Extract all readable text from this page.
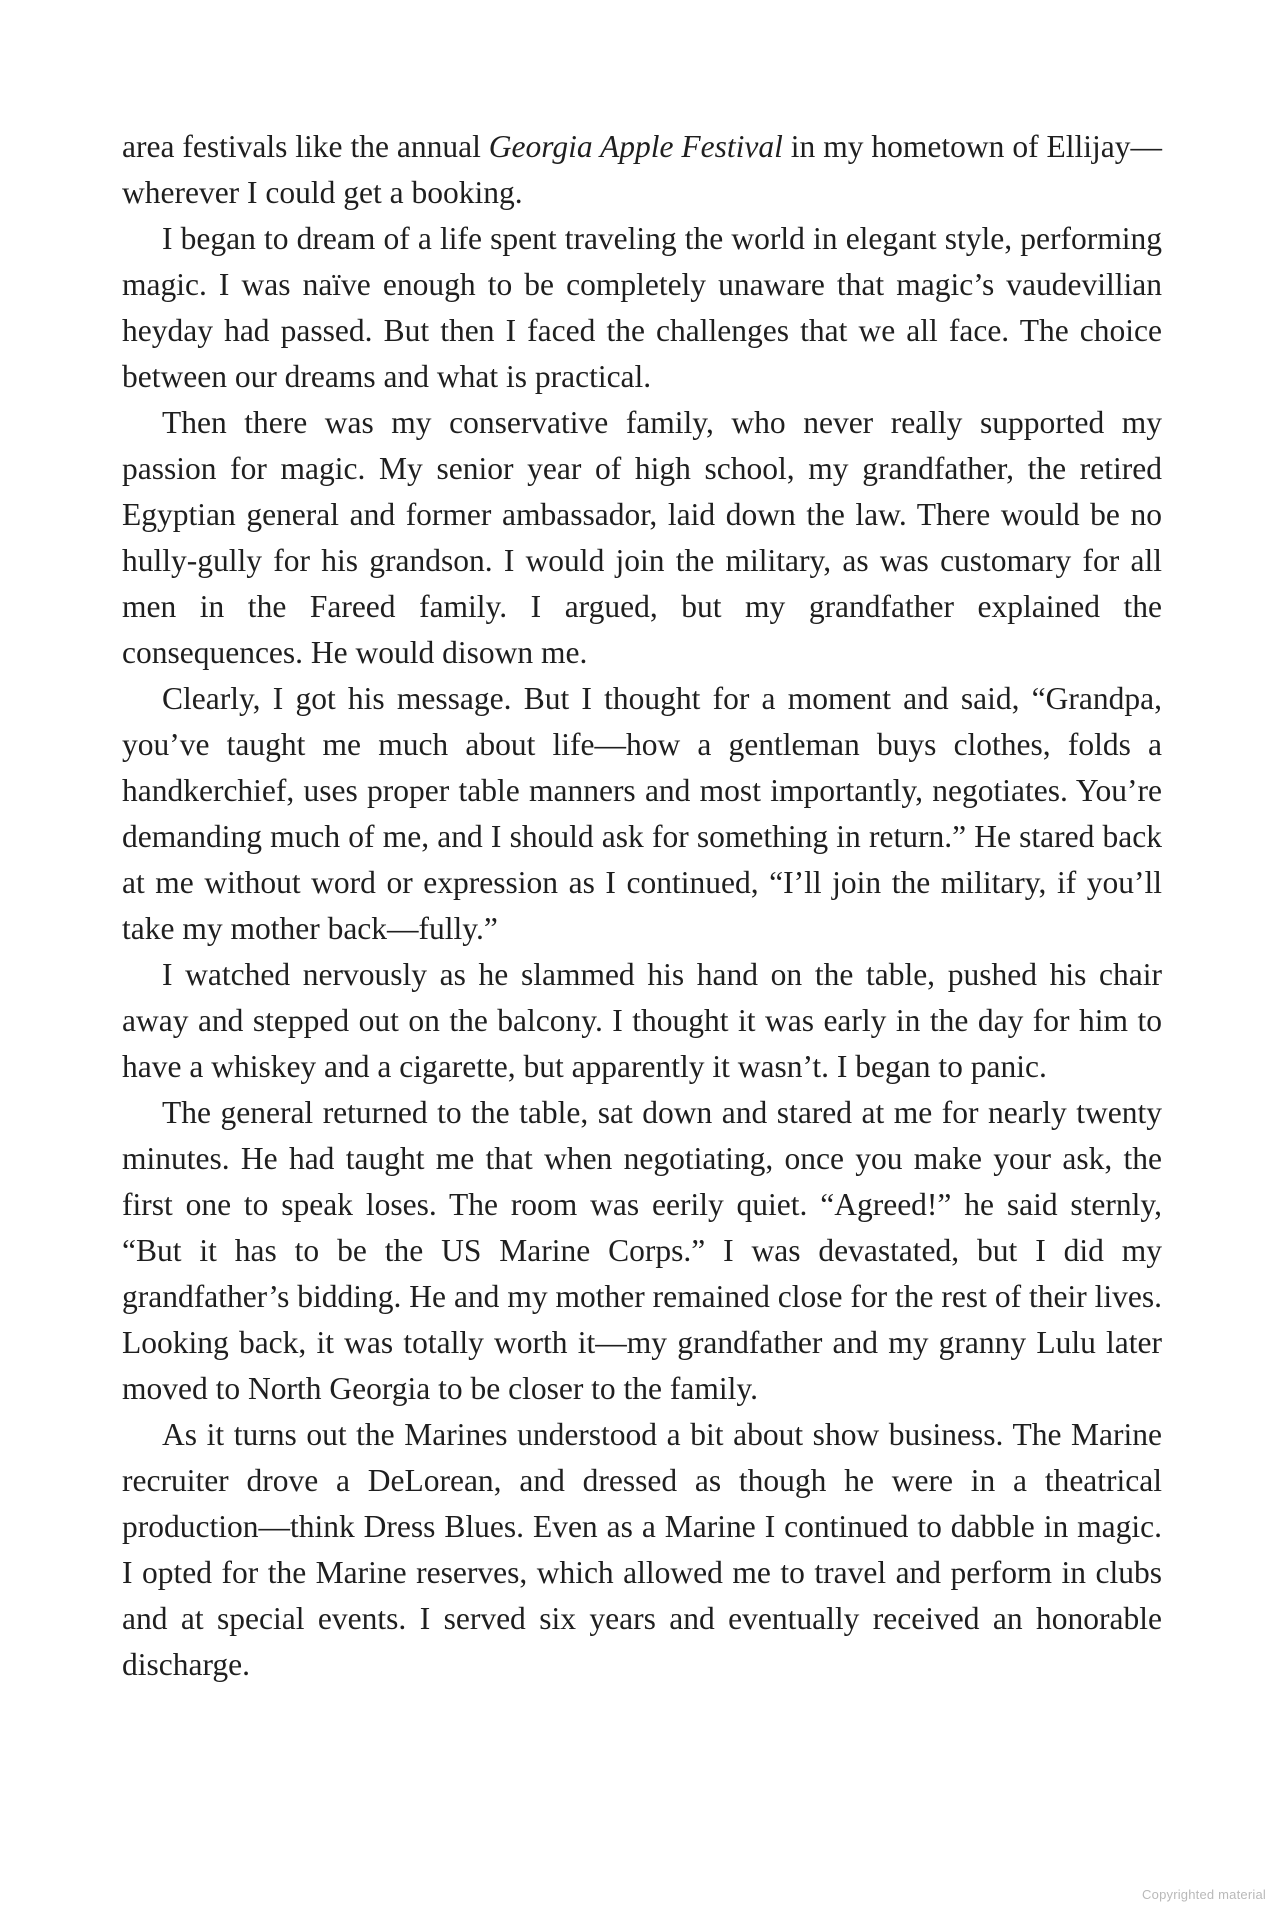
area festivals like the annual Georgia Apple Festival in my hometown of Ellijay—wherever I could get a booking.

I began to dream of a life spent traveling the world in elegant style, performing magic. I was naïve enough to be completely unaware that magic’s vaudevillian heyday had passed. But then I faced the challenges that we all face. The choice between our dreams and what is practical.

Then there was my conservative family, who never really supported my passion for magic. My senior year of high school, my grandfather, the retired Egyptian general and former ambassador, laid down the law. There would be no hully-gully for his grandson. I would join the military, as was customary for all men in the Fareed family. I argued, but my grandfather explained the consequences. He would disown me.

Clearly, I got his message. But I thought for a moment and said, “Grandpa, you’ve taught me much about life—how a gentleman buys clothes, folds a handkerchief, uses proper table manners and most importantly, negotiates. You’re demanding much of me, and I should ask for something in return.” He stared back at me without word or expression as I continued, “I’ll join the military, if you’ll take my mother back—fully.”

I watched nervously as he slammed his hand on the table, pushed his chair away and stepped out on the balcony. I thought it was early in the day for him to have a whiskey and a cigarette, but apparently it wasn’t. I began to panic.

The general returned to the table, sat down and stared at me for nearly twenty minutes. He had taught me that when negotiating, once you make your ask, the first one to speak loses. The room was eerily quiet. “Agreed!” he said sternly, “But it has to be the US Marine Corps.” I was devastated, but I did my grandfather’s bidding. He and my mother remained close for the rest of their lives. Looking back, it was totally worth it—my grandfather and my granny Lulu later moved to North Georgia to be closer to the family.

As it turns out the Marines understood a bit about show business. The Marine recruiter drove a DeLorean, and dressed as though he were in a theatrical production—think Dress Blues. Even as a Marine I continued to dabble in magic. I opted for the Marine reserves, which allowed me to travel and perform in clubs and at special events. I served six years and eventually received an honorable discharge.

Copyrighted material
